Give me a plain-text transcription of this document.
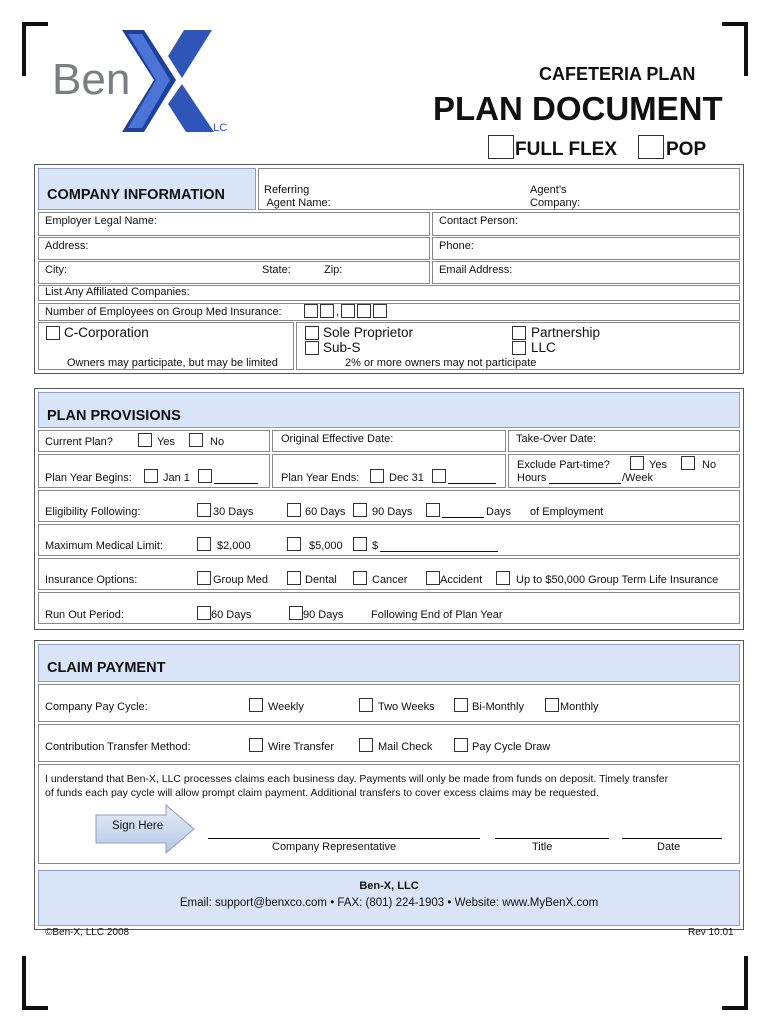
Ben
,LLC
CAFETERIA PLAN
PLAN DOCUMENT
FULL FLEX	POP
COMPANY INFORMATION	Referring
Agent Name:
Agent’s
Company:
Employer Legal Name:	Contact Person:
Address:	Phone:
City:	State:	Zip:	Email Address:
List Any Affiliated Companies:
Number of Employees on Group Med Insurance:	,
C-Corporation
Owners may participate, but may be limited
Sole Proprietor
Sub-S
Partnership
LLC
2% or more owners may not participate
PLAN PROVISIONS
Current Plan?	Yes	No	Original Effective Date:	Take-Over Date:
Plan Year Begins:	Jan 1	Plan Year Ends:	Dec 31
Exclude Part-time?	Yes	No
Hours	/Week
Eligibility Following:	30 Days	60 Days 90 Days	Days of Employment
Maximum Medical Limit:	$2,000	$5,000	$
Insurance Options:	Group Med	Dental	Cancer	Accident	Up to $50,000 Group Term Life Insurance
Run Out Period:	60 Days	90 Days	Following End of Plan Year
CLAIM PAYMENT
Company Pay Cycle:	Weekly	Two Weeks	Bi-Monthly	Monthly
Contribution Transfer Method:	Wire Transfer	Mail Check	Pay Cycle Draw
I understand that Ben-X, LLC processes claims each business day. Payments will only be made from funds on deposit. Timely transfer
of funds each pay cycle will allow prompt claim payment. Additional transfers to cover excess claims may be requested.
Sign Here
Company Representative	Title	Date
Ben-X, LLC
Email: support@benxco.com • FAX: (801) 224-1903 • Website: www.MyBenX.com
©Ben-X, LLC 2008	Rev 10.01
